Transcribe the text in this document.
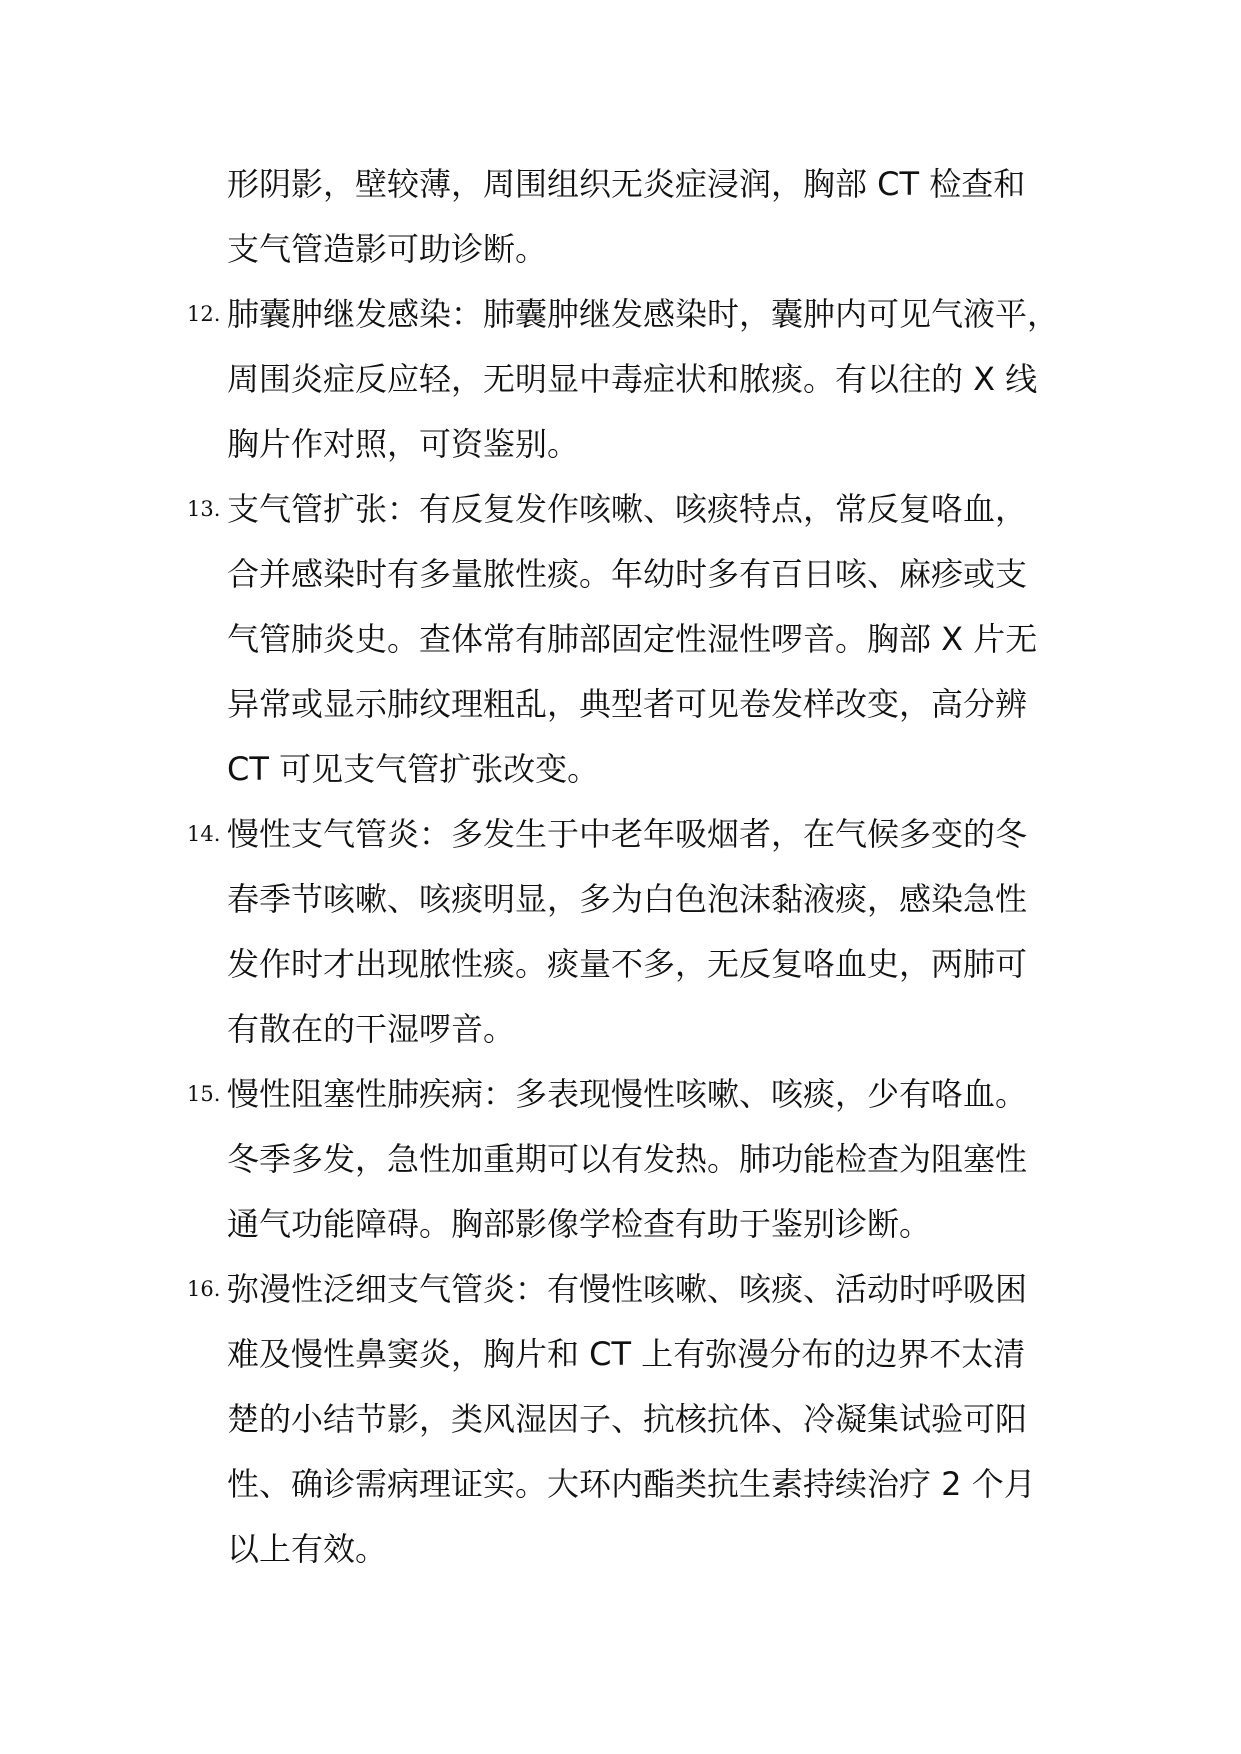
形阴影，壁较薄，周围组织无炎症浸润，胸部 CT 检查和
支气管造影可助诊断。

12. 肺囊肿继发感染：肺囊肿继发感染时，囊肿内可见气液平，
周围炎症反应轻，无明显中毒症状和脓痰。有以往的 X 线
胸片作对照，可资鉴别。

13. 支气管扩张：有反复发作咳嗽、咳痰特点，常反复咯血，
合并感染时有多量脓性痰。年幼时多有百日咳、麻疹或支
气管肺炎史。查体常有肺部固定性湿性啰音。胸部 X 片无
异常或显示肺纹理粗乱，典型者可见卷发样改变，高分辨
CT 可见支气管扩张改变。

14. 慢性支气管炎：多发生于中老年吸烟者，在气候多变的冬
春季节咳嗽、咳痰明显，多为白色泡沫黏液痰，感染急性
发作时才出现脓性痰。痰量不多，无反复咯血史，两肺可
有散在的干湿啰音。

15. 慢性阻塞性肺疾病：多表现慢性咳嗽、咳痰，少有咯血。
冬季多发，急性加重期可以有发热。肺功能检查为阻塞性
通气功能障碍。胸部影像学检查有助于鉴别诊断。

16. 弥漫性泛细支气管炎：有慢性咳嗽、咳痰、活动时呼吸困
难及慢性鼻窦炎，胸片和 CT 上有弥漫分布的边界不太清
楚的小结节影，类风湿因子、抗核抗体、冷凝集试验可阳
性、确诊需病理证实。大环内酯类抗生素持续治疗 2 个月
以上有效。
